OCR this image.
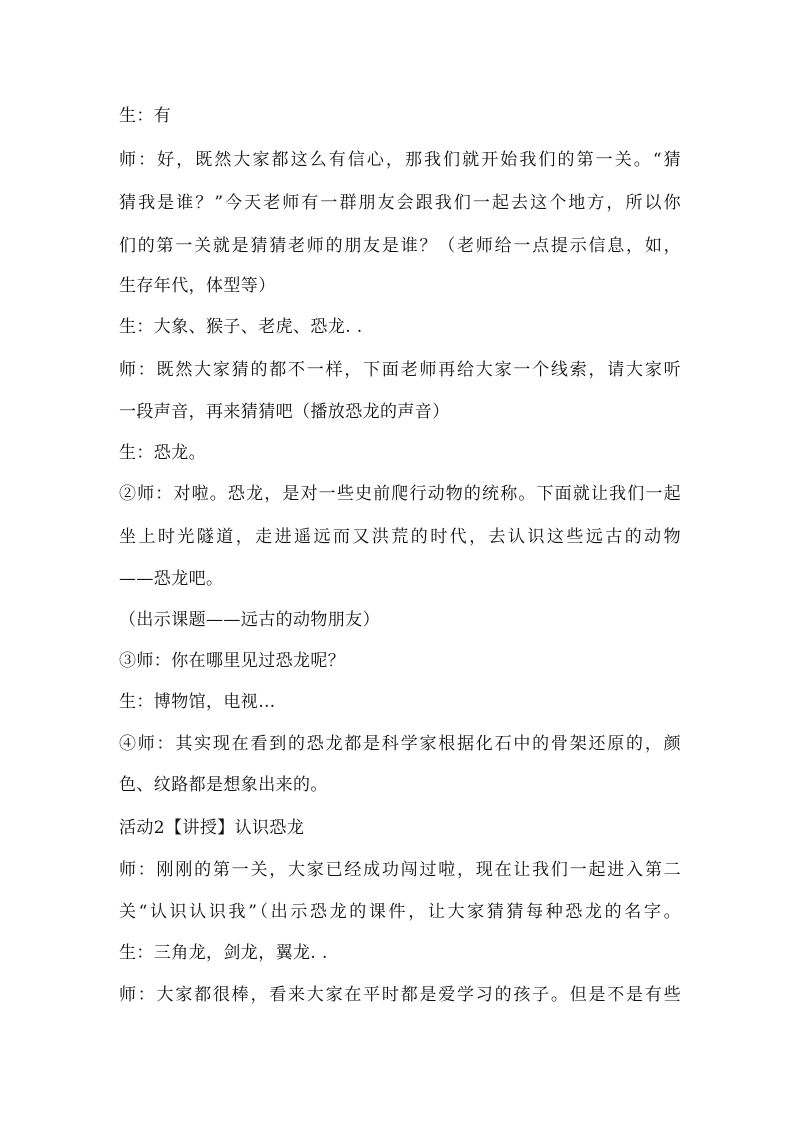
生：有
师：好，既然大家都这么有信心，那我们就开始我们的第一关。“猜
猜我是谁？”今天老师有一群朋友会跟我们一起去这个地方，所以你
们的第一关就是猜猜老师的朋友是谁？（老师给一点提示信息，如，
生存年代，体型等）
生：大象、猴子、老虎、恐龙. .
师：既然大家猜的都不一样，下面老师再给大家一个线索，请大家听
一段声音，再来猜猜吧（播放恐龙的声音）
生：恐龙。
②师：对啦。恐龙，是对一些史前爬行动物的统称。下面就让我们一起
坐上时光隧道，走进遥远而又洪荒的时代，去认识这些远古的动物
——恐龙吧。
（出示课题——远古的动物朋友）
③师：你在哪里见过恐龙呢？
生：博物馆，电视…
④师：其实现在看到的恐龙都是科学家根据化石中的骨架还原的，颜
色、纹路都是想象出来的。
活动2【讲授】认识恐龙
师：刚刚的第一关，大家已经成功闯过啦，现在让我们一起进入第二
关“认识认识我”（出示恐龙的课件，让大家猜猜每种恐龙的名字。
生：三角龙，剑龙，翼龙. .
师：大家都很棒，看来大家在平时都是爱学习的孩子。但是不是有些
